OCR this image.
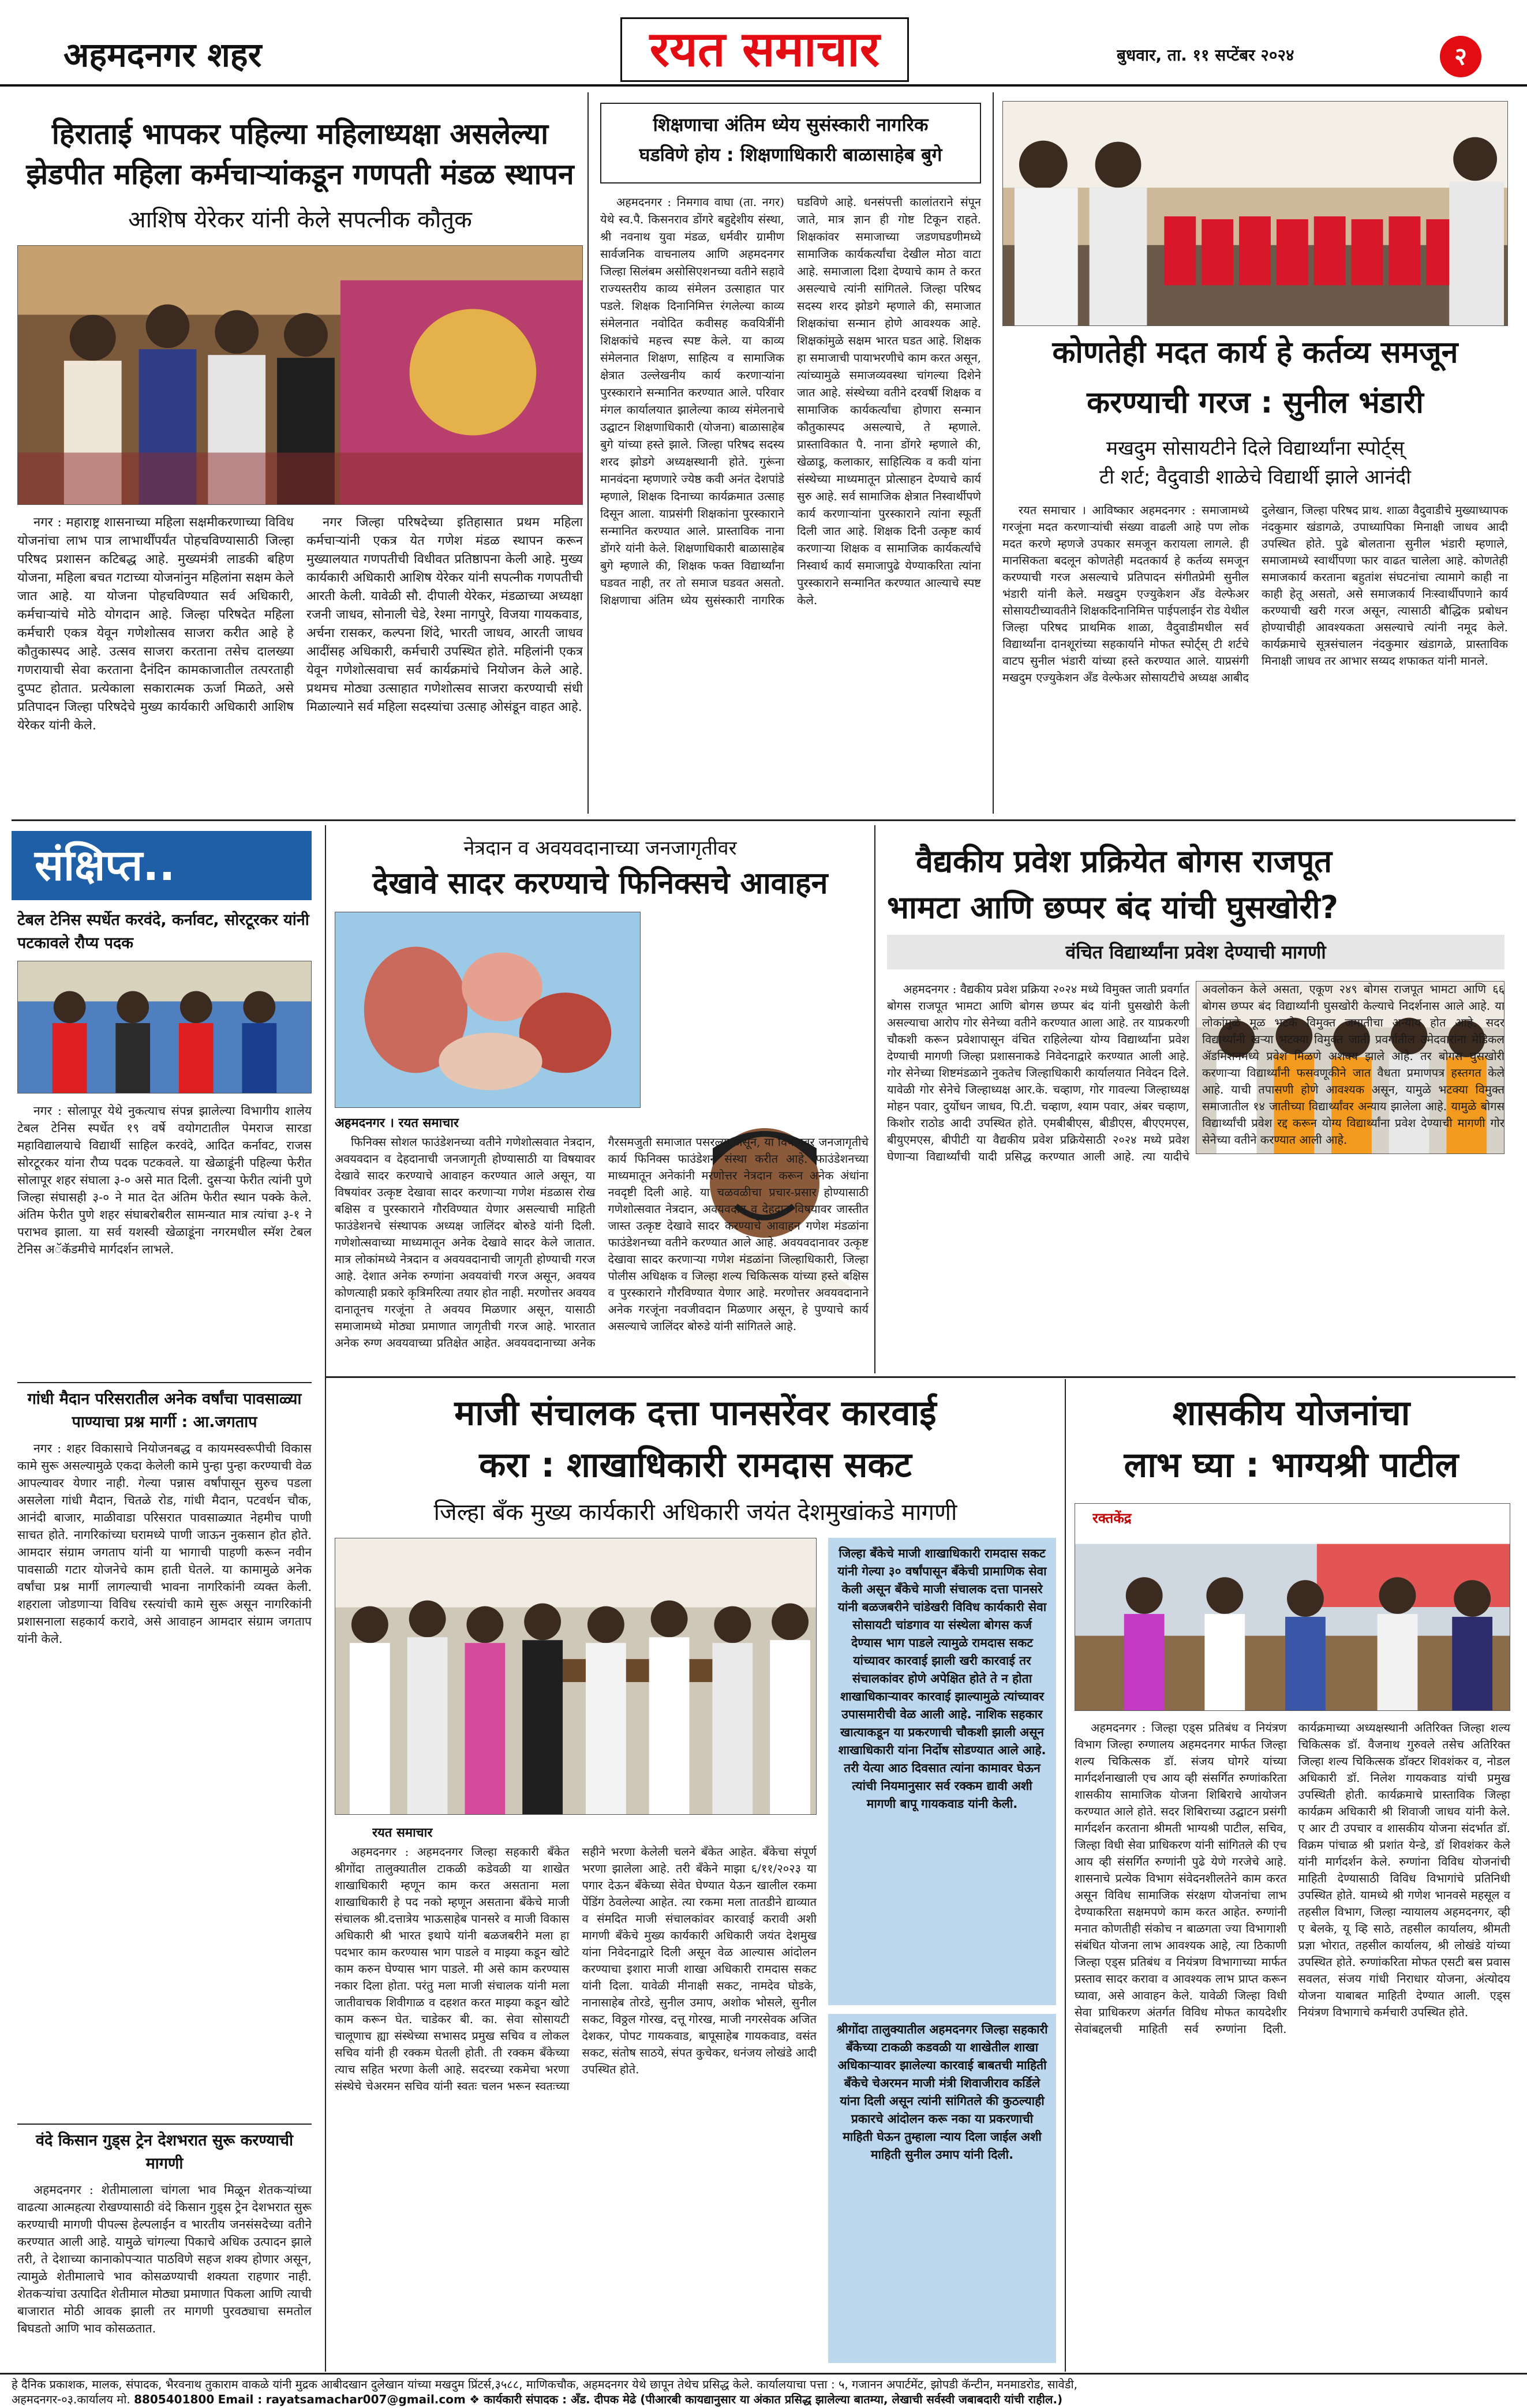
अहमदनगर शहर	रयत समाचार	बुधवार, ता. ११ सप्टेंबर २०२४	२
हिराताई भापकर पहिल्या महिलाध्यक्षा असलेल्या
झेडपीत महिला कर्मचाऱ्यांकडून गणपती मंडळ स्थापन
आशिष येरेकर यांनी केले सपत्नीक कौतुक

नगर : महाराष्ट्र शासनाच्या महिला सक्षमीकरणाच्या विविध योजनांचा लाभ पात्र लाभार्थींपर्यंत पोहचविण्यासाठी जिल्हा परिषद प्रशासन कटिबद्ध आहे. मुख्यमंत्री लाडकी बहिण योजना, महिला बचत गटाच्या योजनांनुन महिलांना सक्षम केले जात आहे. या योजना पोहचविण्यात सर्व अधिकारी, कर्मचाऱ्यांचे मोठे योगदान आहे. जिल्हा परिषदेत महिला कर्मचारी एकत्र येवून गणेशोत्सव साजरा करीत आहे हे कौतुकास्पद आहे. उत्सव साजरा करताना तसेच दालख्या गणरायाची सेवा करताना दैनंदिन कामकाजातील तत्परताही दुप्पट होतात. प्रत्येकाला सकारात्मक ऊर्जा मिळते, असे प्रतिपादन जिल्हा परिषदेचे मुख्य कार्यकारी अधिकारी आशिष येरेकर यांनी केले.

नगर जिल्हा परिषदेच्या इतिहासात प्रथम महिला कर्मचाऱ्यांनी एकत्र येत गणेश मंडळ स्थापन करून मुख्यालयात गणपतीची विधीवत प्रतिष्ठापना केली आहे. मुख्य कार्यकारी अधिकारी आशिष येरेकर यांनी सपत्नीक गणपतीची आरती केली. यावेळी सौ. दीपाली येरेकर, मंडळाच्या अध्यक्षा रजनी जाधव, सोनाली चेडे, रेश्मा नागपुरे, विजया गायकवाड, अर्चना रासकर, कल्पना शिंदे, भारती जाधव, आरती जाधव आदींसह अधिकारी, कर्मचारी उपस्थित होते. महिलांनी एकत्र येवून गणेशोत्सवाचा सर्व कार्यक्रमांचे नियोजन केले आहे. प्रथमच मोठ्या उत्साहात गणेशोत्सव साजरा करण्याची संधी मिळाल्याने सर्व महिला सदस्यांचा उत्साह ओसंडून वाहत आहे.

शिक्षणाचा अंतिम ध्येय सुसंस्कारी नागरिक
घडविणे होय : शिक्षणाधिकारी बाळासाहेब बुगे

अहमदनगर : निमगाव वाघा (ता. नगर) येथे स्व.पै. किसनराव डोंगरे बहुद्देशीय संस्था, श्री नवनाथ युवा मंडळ, धर्मवीर ग्रामीण सार्वजनिक वाचनालय आणि अहमदनगर जिल्हा सिलंबम असोसिएशनच्या वतीने सहावे राज्यस्तरीय काव्य संमेलन उत्साहात पार पडले. शिक्षक दिनानिमित्त रंगलेल्या काव्य संमेलनात नवोदित कवीसह कवयित्रींनी शिक्षकांचे महत्त्व स्पष्ट केले. या काव्य संमेलनात शिक्षण, साहित्य व सामाजिक क्षेत्रात उल्लेखनीय कार्य करणाऱ्यांना पुरस्काराने सन्मानित करण्यात आले. परिवार मंगल कार्यालयात झालेल्या काव्य संमेलनाचे उद्घाटन शिक्षणाधिकारी (योजना) बाळासाहेब बुगे यांच्या हस्ते झाले. जिल्हा परिषद सदस्य शरद झोडगे अध्यक्षस्थानी होते. गुरूंना मानवंदना म्हणणारे ज्येष्ठ कवी अनंत देशपांडे म्हणाले, शिक्षक दिनाच्या कार्यक्रमात उत्साह दिसून आला. याप्रसंगी शिक्षकांना पुरस्काराने सन्मानित करण्यात आले. प्रास्ताविक नाना डोंगरे यांनी केले. शिक्षणाधिकारी बाळासाहेब बुगे म्हणाले की, शिक्षक फक्त विद्यार्थ्यांना घडवत नाही, तर तो समाज घडवत असतो. शिक्षणाचा अंतिम ध्येय सुसंस्कारी नागरिक घडविणे आहे. धनसंपत्ती कालांतराने संपून जाते, मात्र ज्ञान ही गोष्ट टिकून राहते. शिक्षकांवर समाजाच्या जडणघडणीमध्ये सामाजिक कार्यकर्त्यांचा देखील मोठा वाटा आहे. समाजाला दिशा देण्याचे काम ते करत असल्याचे त्यांनी सांगितले. जिल्हा परिषद सदस्य शरद झोडगे म्हणाले की, समाजात शिक्षकांचा सन्मान होणे आवश्यक आहे. शिक्षकांमुळे सक्षम भारत घडत आहे. शिक्षक हा समाजाची पायाभरणीचे काम करत असून, त्यांच्यामुळे समाजव्यवस्था चांगल्या दिशेने जात आहे. संस्थेच्या वतीने दरवर्षी शिक्षक व सामाजिक कार्यकर्त्यांचा होणारा सन्मान कौतुकास्पद असल्याचे, ते म्हणाले. प्रास्ताविकात पै. नाना डोंगरे म्हणाले की, खेळाडू, कलाकार, साहित्यिक व कवी यांना संस्थेच्या माध्यमातून प्रोत्साहन देण्याचे कार्य सुरु आहे. सर्व सामाजिक क्षेत्रात निस्वार्थीपणे कार्य करणाऱ्यांना पुरस्काराने त्यांना स्फूर्ती दिली जात आहे. शिक्षक दिनी उत्कृष्ट कार्य करणाऱ्या शिक्षक व सामाजिक कार्यकर्त्यांचे निस्वार्थ कार्य समाजापुढे येण्याकरिता त्यांना पुरस्काराने सन्मानित करण्यात आल्याचे स्पष्ट केले.

कोणतेही मदत कार्य हे कर्तव्य समजून
करण्याची गरज : सुनील भंडारी
मखदुम सोसायटीने दिले विद्यार्थ्यांना स्पोर्ट्स्
टी शर्ट; वैदुवाडी शाळेचे विद्यार्थी झाले आनंदी

रयत समाचार । आविष्कार अहमदनगर : समाजामध्ये गरजूंना मदत करणाऱ्यांची संख्या वाढली आहे पण लोक मदत करणे म्हणजे उपकार समजून करायला लागले. ही मानसिकता बदलून कोणतेही मदतकार्य हे कर्तव्य समजून करण्याची गरज असल्याचे प्रतिपादन संगीतप्रेमी सुनील भंडारी यांनी केले. मखदुम एज्युकेशन अँड वेल्फेअर सोसायटीच्यावतीने शिक्षकदिनानिमित्त पाईपलाईन रोड येथील जिल्हा परिषद प्राथमिक शाळा, वैदुवाडीमधील सर्व विद्यार्थ्यांना दानशूरांच्या सहकार्याने मोफत स्पोर्ट्स् टी शर्टचे वाटप सुनील भंडारी यांच्या हस्ते करण्यात आले. याप्रसंगी मखदुम एज्युकेशन अँड वेल्फेअर सोसायटीचे अध्यक्ष आबीद दुलेखान, जिल्हा परिषद प्राथ. शाळा वैदुवाडीचे मुख्याध्यापक नंदकुमार खंडागळे, उपाध्यापिका मिनाक्षी जाधव आदी उपस्थित होते. पुढे बोलताना सुनील भंडारी म्हणाले, समाजामध्ये स्वार्थीपणा फार वाढत चालेला आहे. कोणतेही समाजकार्य करताना बहुतांश संघटनांचा त्यामागे काही ना काही हेतू असतो, असे समाजकार्य निःस्वार्थीपणाने कार्य करण्याची खरी गरज असून, त्यासाठी बौद्धिक प्रबोधन होण्याचीही आवश्यकता असल्याचे त्यांनी नमूद केले. कार्यक्रमाचे सूत्रसंचालन नंदकुमार खंडागळे, प्रास्ताविक मिनाक्षी जाधव तर आभार सय्यद शफाकत यांनी मानले.

संक्षिप्त..
टेबल टेनिस स्पर्धेत करवंदे, कर्नावट, सोरटूरकर यांनी पटकावले रौप्य पदक

नगर : सोलापूर येथे नुकत्याच संपन्न झालेल्या विभागीय शालेय टेबल टेनिस स्पर्धेत १९ वर्षे वयोगटातील पेमराज सारडा महाविद्यालयाचे विद्यार्थी साहिल करवंदे, आदित कर्नावट, राजस सोरटूरकर यांना रौप्य पदक पटकवले. या खेळाडूंनी पहिल्या फेरीत सोलापूर शहर संघाला ३-० असे मात दिली. दुसऱ्या फेरीत त्यांनी पुणे जिल्हा संघासही ३-० ने मात देत अंतिम फेरीत स्थान पक्के केले. अंतिम फेरीत पुणे शहर संघाबरोबरील सामन्यात मात्र त्यांचा ३-१ ने पराभव झाला. या सर्व यशस्वी खेळाडूंना नगरमधील स्मॅश टेबल टेनिस अॅकॅडमीचे मार्गदर्शन लाभले.

गांधी मैदान परिसरातील अनेक वर्षांचा पावसाळ्या पाण्याचा प्रश्न मार्गी : आ.जगताप

नगर : शहर विकासाचे नियोजनबद्ध व कायमस्वरूपीची विकास कामे सुरू असल्यामुळे एकदा केलेली कामे पुन्हा पुन्हा करण्याची वेळ आपल्यावर येणार नाही. गेल्या पन्नास वर्षांपासून सुरुच पडला असलेला गांधी मैदान, चितळे रोड, गांधी मैदान, पटवर्धन चौक, आनंदी बाजार, माळीवाडा परिसरात पावसाळ्यात नेहमीच पाणी साचत होते. नागरिकांच्या घरामध्ये पाणी जाऊन नुकसान होत होते. आमदार संग्राम जगताप यांनी या भागाची पाहणी करून नवीन पावसाळी गटार योजनेचे काम हाती घेतले. या कामामुळे अनेक वर्षांचा प्रश्न मार्गी लागल्याची भावना नागरिकांनी व्यक्त केली. शहराला जोडणाऱ्या विविध रस्त्यांची कामे सुरू असून नागरिकांनी प्रशासनाला सहकार्य करावे, असे आवाहन आमदार संग्राम जगताप यांनी केले.

वंदे किसान गुड्स ट्रेन देशभरात सुरू करण्याची मागणी

अहमदनगर : शेतीमालाला चांगला भाव मिळून शेतकऱ्यांच्या वाढत्या आत्महत्या रोखण्यासाठी वंदे किसान गुड्स ट्रेन देशभरात सुरू करण्याची मागणी पीपल्स हेल्पलाईन व भारतीय जनसंसदेच्या वतीने करण्यात आली आहे. यामुळे चांगल्या पिकाचे अधिक उत्पादन झाले तरी, ते देशाच्या कानाकोपऱ्यात पाठविणे सहज शक्य होणार असून, त्यामुळे शेतीमालाचे भाव कोसळण्याची शक्यता राहणार नाही. शेतकऱ्यांचा उत्पादित शेतीमाल मोठ्या प्रमाणात पिकला आणि त्याची बाजारात मोठी आवक झाली तर मागणी पुरवठ्याचा समतोल बिघडतो आणि भाव कोसळतात.

नेत्रदान व अवयवदानाच्या जनजागृतीवर
देखावे सादर करण्याचे फिनिक्सचे आवाहन
अहमदनगर । रयत समाचार

फिनिक्स सोशल फाउंडेशनच्या वतीने गणेशोत्सवात नेत्रदान, अवयवदान व देहदानाची जनजागृती होण्यासाठी या विषयावर देखावे सादर करण्याचे आवाहन करण्यात आले असून, या विषयांवर उत्कृष्ट देखावा सादर करणाऱ्या गणेश मंडळास रोख बक्षिस व पुरस्काराने गौरविण्यात येणार असल्याची माहिती फाउंडेशनचे संस्थापक अध्यक्ष जालिंदर बोरुडे यांनी दिली. गणेशोत्सवाच्या माध्यमातून अनेक देखावे सादर केले जातात. मात्र लोकांमध्ये नेत्रदान व अवयवदानाची जागृती होण्याची गरज आहे. देशात अनेक रुग्णांना अवयवांची गरज असून, अवयव कोणत्याही प्रकारे कृत्रिमरित्या तयार होत नाही. मरणोत्तर अवयव दानातूनच गरजूंना ते अवयव मिळणार असून, यासाठी समाजामध्ये मोठ्या प्रमाणात जागृतीची गरज आहे. भारतात अनेक रुग्ण अवयवाच्या प्रतिक्षेत आहेत. अवयवदानाच्या अनेक गैरसमजुती समाजात पसरल्या असून, या विषयावर जनजागृतीचे कार्य फिनिक्स फाउंडेशन संस्था करीत आहे. फाउंडेशनच्या माध्यमातून अनेकांनी मरणोत्तर नेत्रदान करून अनेक अंधांना नवदृष्टी दिली आहे. या चळवळीचा प्रचार-प्रसार होण्यासाठी गणेशोत्सवात नेत्रदान, अवयवदान व देहदान विषयावर जास्तीत जास्त उत्कृष्ट देखावे सादर करण्याचे आवाहन गणेश मंडळांना फाउंडेशनच्या वतीने करण्यात आले आहे. अवयवदानावर उत्कृष्ट देखावा सादर करणाऱ्या गणेश मंडळांना जिल्हाधिकारी, जिल्हा पोलीस अधिक्षक व जिल्हा शल्य चिकित्सक यांच्या हस्ते बक्षिस व पुरस्काराने गौरविण्यात येणार आहे. मरणोत्तर अवयवदानाने अनेक गरजूंना नवजीवदान मिळणार असून, हे पुण्याचे कार्य असल्याचे जालिंदर बोरुडे यांनी सांगितले आहे.

वैद्यकीय प्रवेश प्रक्रियेत बोगस राजपूत
भामटा आणि छप्पर बंद यांची घुसखोरी?
वंचित विद्यार्थ्यांना प्रवेश देण्याची मागणी

अहमदनगर : वैद्यकीय प्रवेश प्रक्रिया २०२४ मध्ये विमुक्त जाती प्रवर्गात बोगस राजपूत भामटा आणि बोगस छप्पर बंद यांनी घुसखोरी केली असल्याचा आरोप गोर सेनेच्या वतीने करण्यात आला आहे. तर याप्रकरणी चौकशी करून प्रवेशापासून वंचित राहिलेल्या योग्य विद्यार्थ्यांना प्रवेश देण्याची मागणी जिल्हा प्रशासनाकडे निवेदनाद्वारे करण्यात आली आहे. गोर सेनेच्या शिष्टमंडळाने नुकतेच जिल्हाधिकारी कार्यालयात निवेदन दिले. यावेळी गोर सेनेचे जिल्हाध्यक्ष आर.के. चव्हाण, गोर गावल्या जिल्हाध्यक्ष मोहन पवार, दुर्योधन जाधव, पि.टी. चव्हाण, श्याम पवार, अंबर चव्हाण, किशोर राठोड आदी उपस्थित होते. एमबीबीएस, बीडीएस, बीएएमएस, बीयुएमएस, बीपीटी या वैद्यकीय प्रवेश प्रक्रियेसाठी २०२४ मध्ये प्रवेश घेणाऱ्या विद्यार्थ्यांची यादी प्रसिद्ध करण्यात आली आहे. त्या यादीचे अवलोकन केले असता, एकूण २४९ बोगस राजपूत भामटा आणि ६६ बोगस छप्पर बंद विद्यार्थ्यांनी घुसखोरी केल्याचे निदर्शनास आले आहे. या लोकांमुळे मूळ भटके विमुक्त जमातीचा अन्याय होत आहे. सदर विद्यार्थ्यांनी खऱ्या भटक्या विमुक्त जाती प्रवर्गातील उमेदवारांना मेडिकल ॲडमिशनमध्ये प्रवेश मिळणे अशक्य झाले आहे. तर बोगस घुसखोरी करणाऱ्या विद्यार्थ्यांनी फसवणूकीने जात वैधता प्रमाणपत्र हस्तगत केले आहे. याची तपासणी होणे आवश्यक असून, यामुळे भटक्या विमुक्त समाजातील १४ जातीच्या विद्यार्थ्यांवर अन्याय झालेला आहे. यामुळे बोगस विद्यार्थ्यांची प्रवेश रद्द करून योग्य विद्यार्थ्यांना प्रवेश देण्याची मागणी गोर सेनेच्या वतीने करण्यात आली आहे.

माजी संचालक दत्ता पानसरेंवर कारवाई
करा : शाखाधिकारी रामदास सकट
जिल्हा बँक मुख्य कार्यकारी अधिकारी जयंत देशमुखांकडे मागणी
जिल्हा बँकेचे माजी शाखाधिकारी रामदास सकट यांनी गेल्या ३० वर्षांपासून बँकेची प्रामाणिक सेवा केली असून बँकेचे माजी संचालक दत्ता पानसरे यांनी बळजबरीने चांडेखरी विविध कार्यकारी सेवा सोसायटी चांडगाव या संस्थेला बोगस कर्ज देण्यास भाग पाडले त्यामुळे रामदास सकट यांच्यावर कारवाई झाली खरी कारवाई तर संचालकांवर होणे अपेक्षित होते ते न होता शाखाधिकाऱ्यावर कारवाई झाल्यामुळे त्यांच्यावर उपासमारीची वेळ आली आहे. नाशिक सहकार खात्याकडून या प्रकरणाची चौकशी झाली असून शाखाधिकारी यांना निर्दोष सोडण्यात आले आहे. तरी येत्या आठ दिवसात त्यांना कामावर घेऊन त्यांची नियमानुसार सर्व रक्कम द्यावी अशी मागणी बापू गायकवाड यांनी केली.
श्रीगोंदा तालुक्यातील अहमदनगर जिल्हा सहकारी बँकेच्या टाकळी कडवळी या शाखेतील शाखा अधिकाऱ्यावर झालेल्या कारवाई बाबतची माहिती बँकेचे चेअरमन माजी मंत्री शिवाजीराव कर्डिले यांना दिली असून त्यांनी सांगितले की कुठल्याही प्रकारचे आंदोलन करू नका या प्रकरणाची माहिती घेऊन तुम्हाला न्याय दिला जाईल अशी माहिती सुनील उमाप यांनी दिली.
रयत समाचार

अहमदनगर : अहमदनगर जिल्हा सहकारी बँकेत श्रीगोंदा तालुक्यातील टाकळी कडेवळी या शाखेत शाखाधिकारी म्हणून काम करत असताना मला शाखाधिकारी हे पद नको म्हणून असताना बँकेचे माजी संचालक श्री.दत्तात्रेय भाऊसाहेब पानसरे व माजी विकास अधिकारी श्री भारत इथापे यांनी बळजबरीने मला हा पदभार काम करण्यास भाग पाडले व माझ्या कडून खोटे काम करुन घेण्यास भाग पाडले. मी असे काम करण्यास नकार दिला होता. परंतु मला माजी संचालक यांनी मला जातीवाचक शिवीगाळ व दहशत करत माझ्या कडून खोटे काम करून घेत. चाडेकर बी. का. सेवा सोसायटी चालूणाच ह्या संस्थेच्या सभासद प्रमुख सचिव व लोकल सचिव यांनी ही रक्कम घेतली होती. ती रक्कम बँकेच्या त्याच सहित भरणा केली आहे. सदरच्या रकमेचा भरणा संस्थेचे चेअरमन सचिव यांनी स्वतः चलन भरून स्वतःच्या सहीने भरणा केलेली चलने बँकेत आहेत. बँकेचा संपूर्ण भरणा झालेला आहे. तरी बँकेने माझा ६/११/२०२३ या पगार देऊन बँकेच्या सेवेत घेण्यात येऊन खालील रकमा पेंडिंग ठेवलेल्या आहेत. त्या रकमा मला तातडीने द्याव्यात व संमदित माजी संचालकांवर कारवाई करावी अशी मागणी बँकेचे मुख्य कार्यकारी अधिकारी जयंत देशमुख यांना निवेदनाद्वारे दिली असून वेळ आल्यास आंदोलन करण्याचा इशारा माजी शाखा अधिकारी रामदास सकट यांनी दिला. यावेळी मीनाक्षी सकट, नामदेव घोडके, नानासाहेब तोरडे, सुनील उमाप, अशोक भोसले, सुनील सकट, विठ्ठल गोरख, दत्तू गोरख, माजी नगरसेवक अजित देशकर, पोपट गायकवाड, बापूसाहेब गायकवाड, वसंत सकट, संतोष साठये, संपत कुचेकर, धनंजय लोखंडे आदी उपस्थित होते.

शासकीय योजनांचा
लाभ घ्या : भाग्यश्री पाटील
रक्तकेंद्र

अहमदनगर : जिल्हा एड्स प्रतिबंध व नियंत्रण विभाग जिल्हा रुग्णालय अहमदनगर मार्फत जिल्हा शल्य चिकित्सक डॉ. संजय घोगरे यांच्या मार्गदर्शनाखाली एच आय व्ही संसर्गित रुग्णांकरिता शासकीय सामाजिक योजना शिबिराचे आयोजन करण्यात आले होते. सदर शिबिराच्या उद्घाटन प्रसंगी मार्गदर्शन करताना श्रीमती भाग्यश्री पाटील, सचिव, जिल्हा विधी सेवा प्राधिकरण यांनी सांगितले की एच आय व्ही संसर्गित रुग्णांनी पुढे येणे गरजेचे आहे. शासनाचे प्रत्येक विभाग संवेदनशीलतेने काम करत असून विविध सामाजिक संरक्षण योजनांचा लाभ देण्याकरिता सक्षमपणे काम करत आहेत. रुग्णांनी मनात कोणतीही संकोच न बाळगता ज्या विभागाशी संबंधित योजना लाभ आवश्यक आहे, त्या ठिकाणी जिल्हा एड्स प्रतिबंध व नियंत्रण विभागाच्या मार्फत प्रस्ताव सादर करावा व आवश्यक लाभ प्राप्त करून घ्यावा, असे आवाहन केले. यावेळी जिल्हा विधी सेवा प्राधिकरण अंतर्गत विविध मोफत कायदेशीर सेवांबद्दलची माहिती सर्व रुग्णांना दिली. कार्यक्रमाच्या अध्यक्षस्थानी अतिरिक्त जिल्हा शल्य चिकित्सक डॉ. वैजनाथ गुरुवले तसेच अतिरिक्त जिल्हा शल्य चिकित्सक डॉक्टर शिवशंकर व, नोडल अधिकारी डॉ. निलेश गायकवाड यांची प्रमुख उपस्थिती होती. कार्यक्रमाचे प्रास्ताविक जिल्हा कार्यक्रम अधिकारी श्री शिवाजी जाधव यांनी केले. ए आर टी उपचार व शासकीय योजना संदर्भात डॉ. विक्रम पांचाळ श्री प्रशांत येन्डे, डॉ शिवशंकर केले यांनी मार्गदर्शन केले. रुग्णांना विविध योजनांची माहिती देण्यासाठी विविध विभागांचे प्रतिनिधी उपस्थित होते. यामध्ये श्री गणेश भानवसे महसूल व तहसील विभाग, जिल्हा न्यायालय अहमदनगर, व्ही ए बेलके, यू व्हि साठे, तहसील कार्यालय, श्रीमती प्रज्ञा भोरात, तहसील कार्यालय, श्री लोखंडे यांच्या उपस्थित होते. रुग्णांकरिता मोफत एसटी बस प्रवास सवलत, संजय गांधी निराधार योजना, अंत्योदय योजना याबाबत माहिती देण्यात आली. एड्स नियंत्रण विभागाचे कर्मचारी उपस्थित होते.

हे दैनिक प्रकाशक, मालक, संपादक, भैरवनाथ तुकाराम वाकळे यांनी मुद्रक आबीदखान दुलेखान यांच्या मखदुम प्रिंटर्स,३५८८, माणिकचौक, अहमदनगर येथे छापून तेथेच प्रसिद्ध केले. कार्यालयाचा पत्ता : ५, गजानन अपार्टमेंट, झोपडी कॅन्टीन, मनमाडरोड, सावेडी,
अहमदनगर-०३.कार्यालय मो. 8805401800 Email : rayatsamachar007@gmail.com ❖ कार्यकारी संपादक : अँड. दीपक मेढे (पीआरबी कायद्यानुसार या अंकात प्रसिद्ध झालेल्या बातम्या, लेखाची सर्वस्वी जबाबदारी यांची राहील.)
